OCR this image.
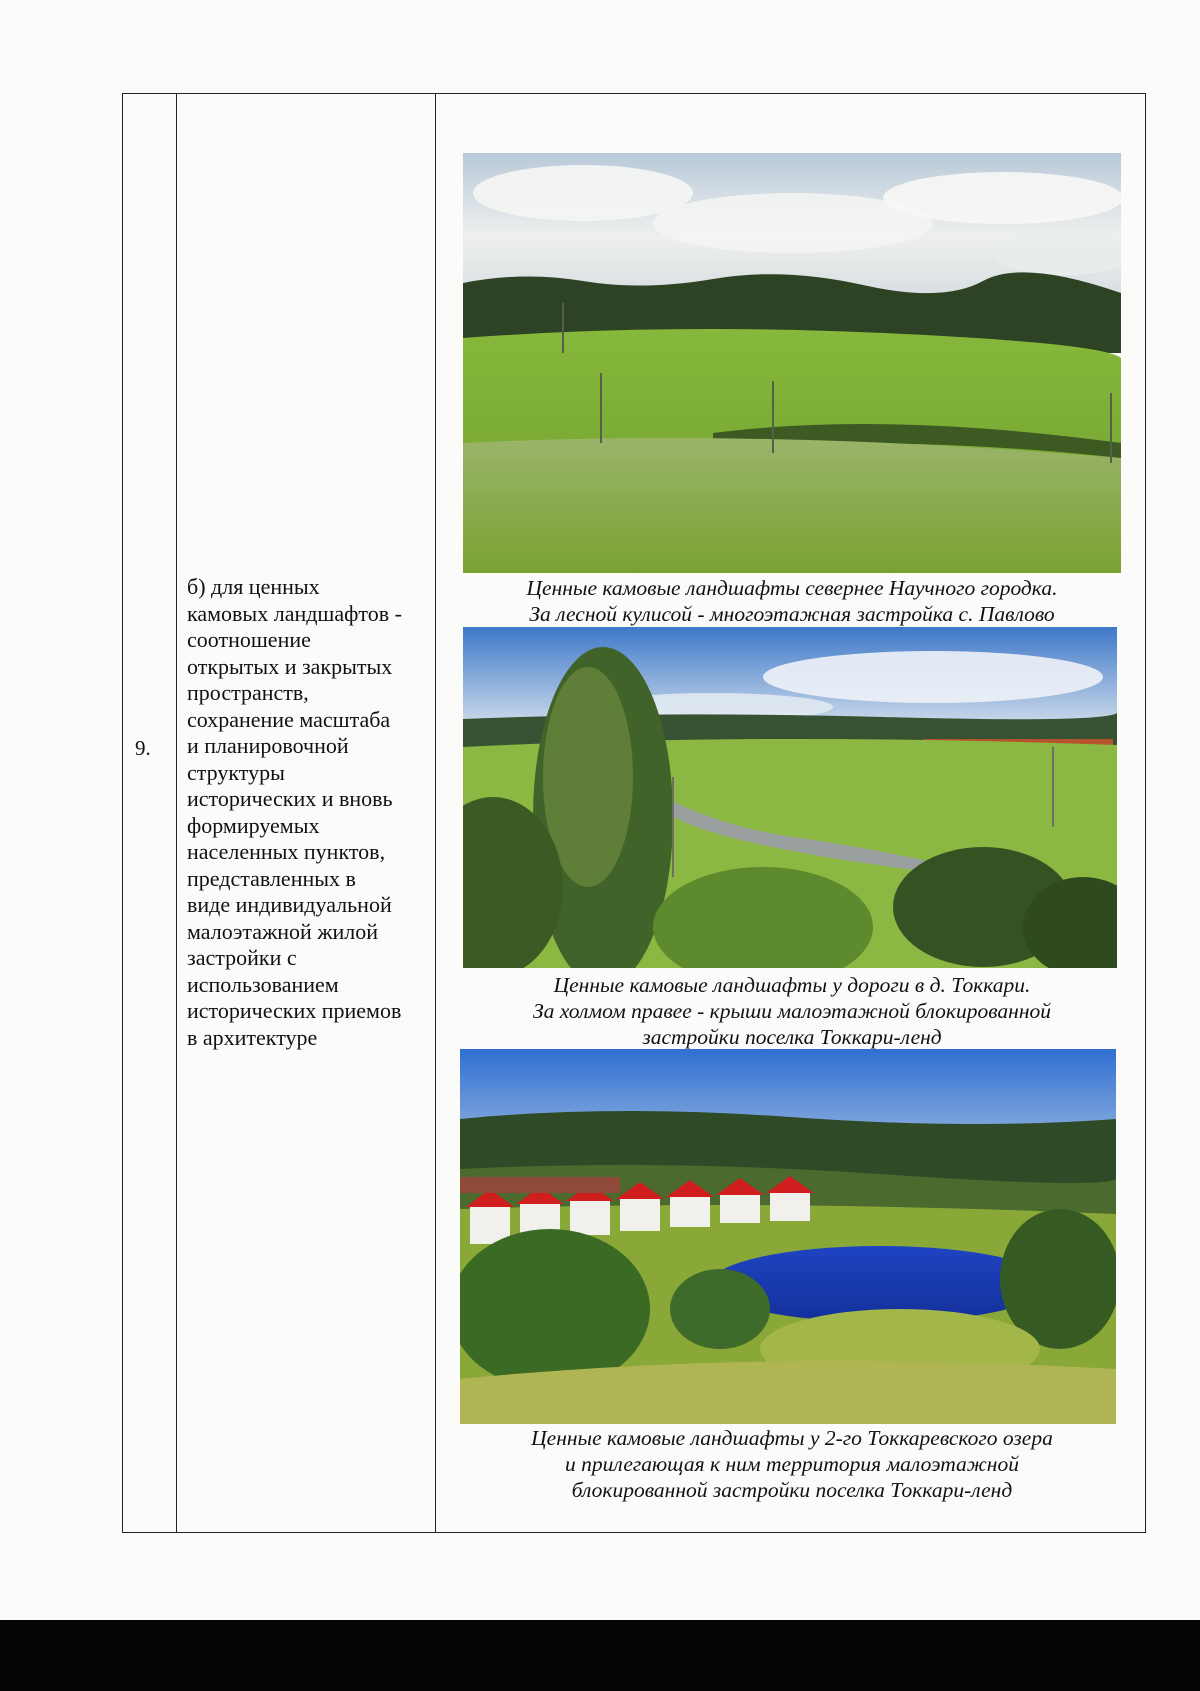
9.
б) для ценных
камовых ландшафтов -
соотношение
открытых и закрытых
пространств,
сохранение масштаба
и планировочной
структуры
исторических и вновь
формируемых
населенных пунктов,
представленных в
виде индивидуальной
малоэтажной жилой
застройки с
использованием
исторических приемов
в архитектуре
Ценные камовые ландшафты севернее Научного городка.
За лесной кулисой - многоэтажная застройка с. Павлово
Ценные камовые ландшафты у дороги в д. Токкари.
За холмом правее - крыши малоэтажной блокированной
застройки поселка Токкари-ленд
Ценные камовые ландшафты у 2-го Токкаревского озера
и прилегающая к ним территория малоэтажной
блокированной застройки поселка Токкари-ленд
